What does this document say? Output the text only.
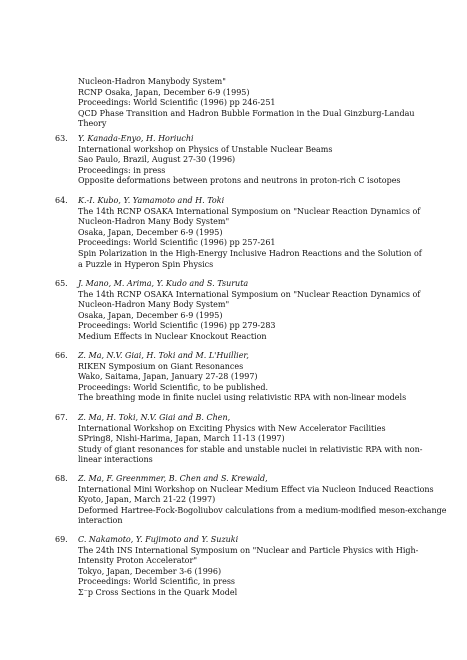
Nucleon-Hadron Manybody System"
RCNP Osaka, Japan, December 6-9 (1995)
Proceedings: World Scientific (1996) pp 246-251
QCD Phase Transition and Hadron Bubble Formation in the Dual Ginzburg-Landau
Theory
63.	Y. Kanada-Enyo, H. Horiuchi
International workshop on Physics of Unstable Nuclear Beams
Sao Paulo, Brazil, August 27-30 (1996)
Proceedings: in press
Opposite deformations between protons and neutrons in proton-rich C isotopes
64.	K.-I. Kubo, Y. Yamamoto and H. Toki
The 14th RCNP OSAKA International Symposium on "Nuclear Reaction Dynamics of
Nucleon-Hadron Many Body System"
Osaka, Japan, December 6-9 (1995)
Proceedings: World Scientific (1996) pp 257-261
Spin Polarization in the High-Energy Inclusive Hadron Reactions and the Solution of
a Puzzle in Hyperon Spin Physics
65.	J. Mano, M. Arima, Y. Kudo and S. Tsuruta
The 14th RCNP OSAKA International Symposium on "Nuclear Reaction Dynamics of
Nucleon-Hadron Many Body System"
Osaka, Japan, December 6-9 (1995)
Proceedings: World Scientific (1996) pp 279-283
Medium Effects in Nuclear Knockout Reaction
66.	Z. Ma, N.V. Giai, H. Toki and M. L'Huillier,
RIKEN Symposium on Giant Resonances
Wako, Saitama, Japan, January 27-28 (1997)
Proceedings: World Scientific, to be published.
The breathing mode in finite nuclei using relativistic RPA with non-linear models
67.	Z. Ma, H. Toki, N.V. Giai and B. Chen,
International Workshop on Exciting Physics with New Accelerator Facilities
SPring8, Nishi-Harima, Japan, March 11-13 (1997)
Study of giant resonances for stable and unstable nuclei in relativistic RPA with non-
linear interactions
68.	Z. Ma, F. Greenmmer, B. Chen and S. Krewald,
International Mini Workshop on Nuclear Medium Effect via Nucleon Induced Reactions
Kyoto, Japan, March 21-22 (1997)
Deformed Hartree-Fock-Bogoliubov calculations from a medium-modified meson-exchange
interaction
69.	C. Nakamoto, Y. Fujimoto and Y. Suzuki
The 24th INS International Symposium on "Nuclear and Particle Physics with High-
Intensity Proton Accelerator"
Tokyo, Japan, December 3-6 (1996)
Proceedings: World Scientific, in press
Σ⁻p Cross Sections in the Quark Model
